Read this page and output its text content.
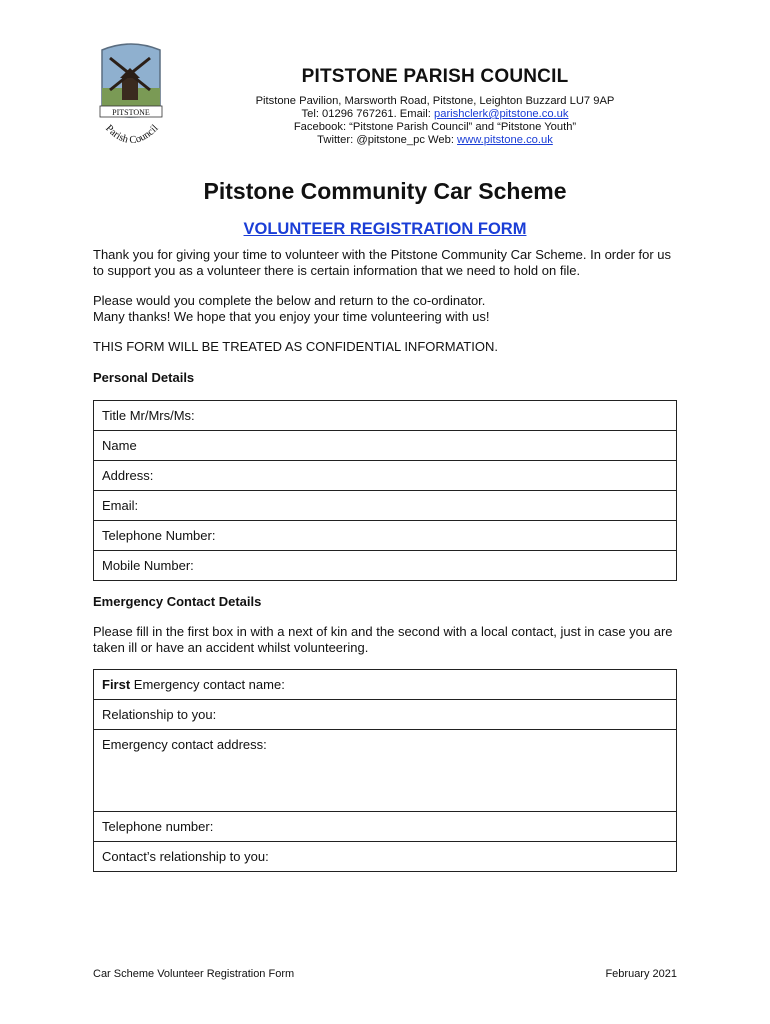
PITSTONE
Parish Council
PITSTONE PARISH COUNCIL
Pitstone Pavilion, Marsworth Road, Pitstone, Leighton Buzzard LU7 9AP
Tel: 01296 767261. Email: parishclerk@pitstone.co.uk
Facebook: “Pitstone Parish Council” and “Pitstone Youth”
Twitter: @pitstone_pc Web: www.pitstone.co.uk
Pitstone Community Car Scheme
VOLUNTEER REGISTRATION FORM
Thank you for giving your time to volunteer with the Pitstone Community Car Scheme. In order for us to support you as a volunteer there is certain information that we need to hold on file.
Please would you complete the below and return to the co-ordinator.
Many thanks! We hope that you enjoy your time volunteering with us!
THIS FORM WILL BE TREATED AS CONFIDENTIAL INFORMATION.
Personal Details
Title Mr/Mrs/Ms:
Name
Address:
Email:
Telephone Number:
Mobile Number:
Emergency Contact Details
Please fill in the first box in with a next of kin and the second with a local contact, just in case you are taken ill or have an accident whilst volunteering.
First Emergency contact name:
Relationship to you:
Emergency contact address:
Telephone number:
Contact’s relationship to you:
Car Scheme Volunteer Registration Form	February 2021
